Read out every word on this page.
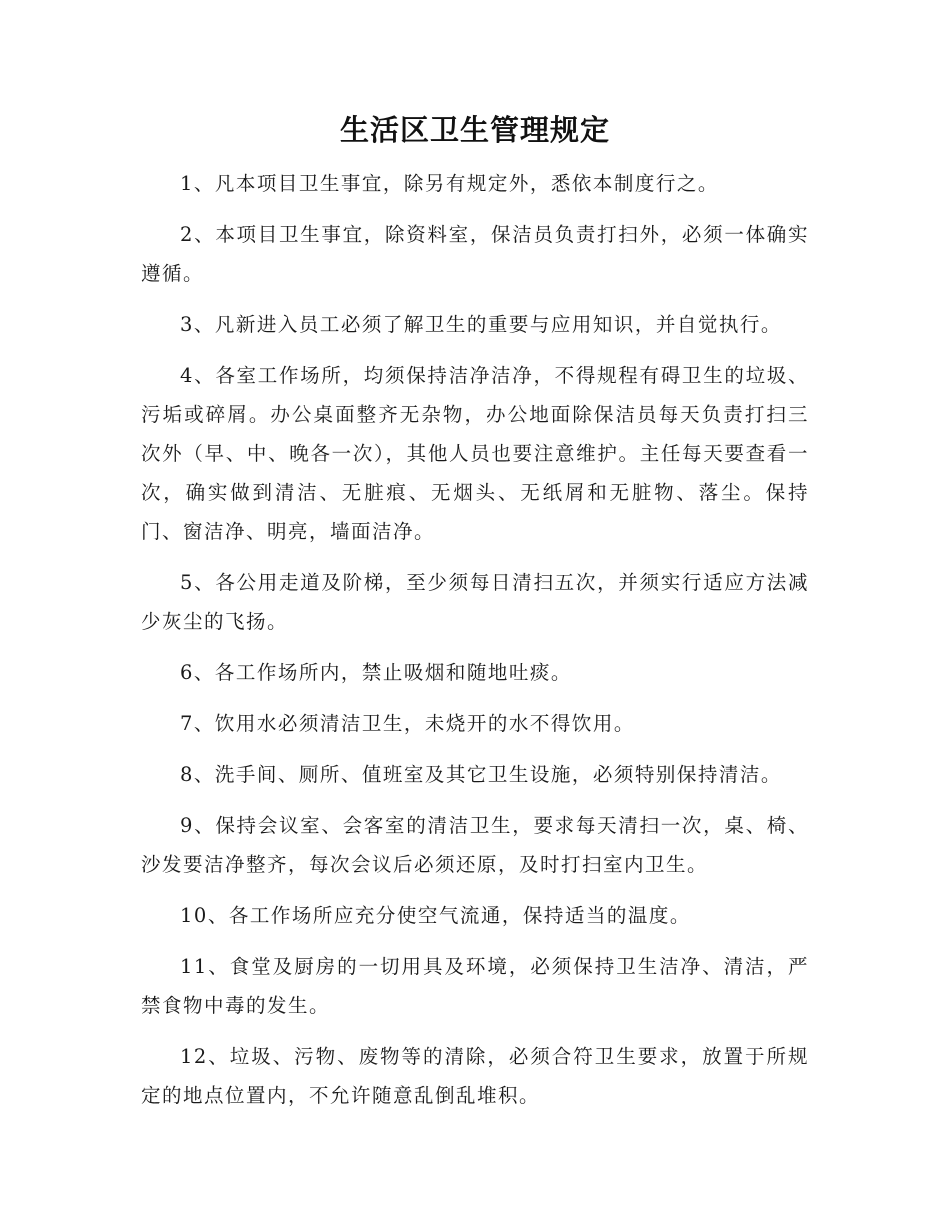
生活区卫生管理规定

1、凡本项目卫生事宜，除另有规定外，悉依本制度行之。

2、本项目卫生事宜，除资料室，保洁员负责打扫外，必须一体确实遵循。

3、凡新进入员工必须了解卫生的重要与应用知识，并自觉执行。

4、各室工作场所，均须保持洁净洁净，不得规程有碍卫生的垃圾、污垢或碎屑。办公桌面整齐无杂物，办公地面除保洁员每天负责打扫三次外（早、中、晚各一次），其他人员也要注意维护。主任每天要查看一次，确实做到清洁、无脏痕、无烟头、无纸屑和无脏物、落尘。保持门、窗洁净、明亮，墙面洁净。

5、各公用走道及阶梯，至少须每日清扫五次，并须实行适应方法减少灰尘的飞扬。

6、各工作场所内，禁止吸烟和随地吐痰。

7、饮用水必须清洁卫生，未烧开的水不得饮用。

8、洗手间、厕所、值班室及其它卫生设施，必须特别保持清洁。

9、保持会议室、会客室的清洁卫生，要求每天清扫一次，桌、椅、沙发要洁净整齐，每次会议后必须还原，及时打扫室内卫生。

10、各工作场所应充分使空气流通，保持适当的温度。

11、食堂及厨房的一切用具及环境，必须保持卫生洁净、清洁，严禁食物中毒的发生。

12、垃圾、污物、废物等的清除，必须合符卫生要求，放置于所规定的地点位置内，不允许随意乱倒乱堆积。
